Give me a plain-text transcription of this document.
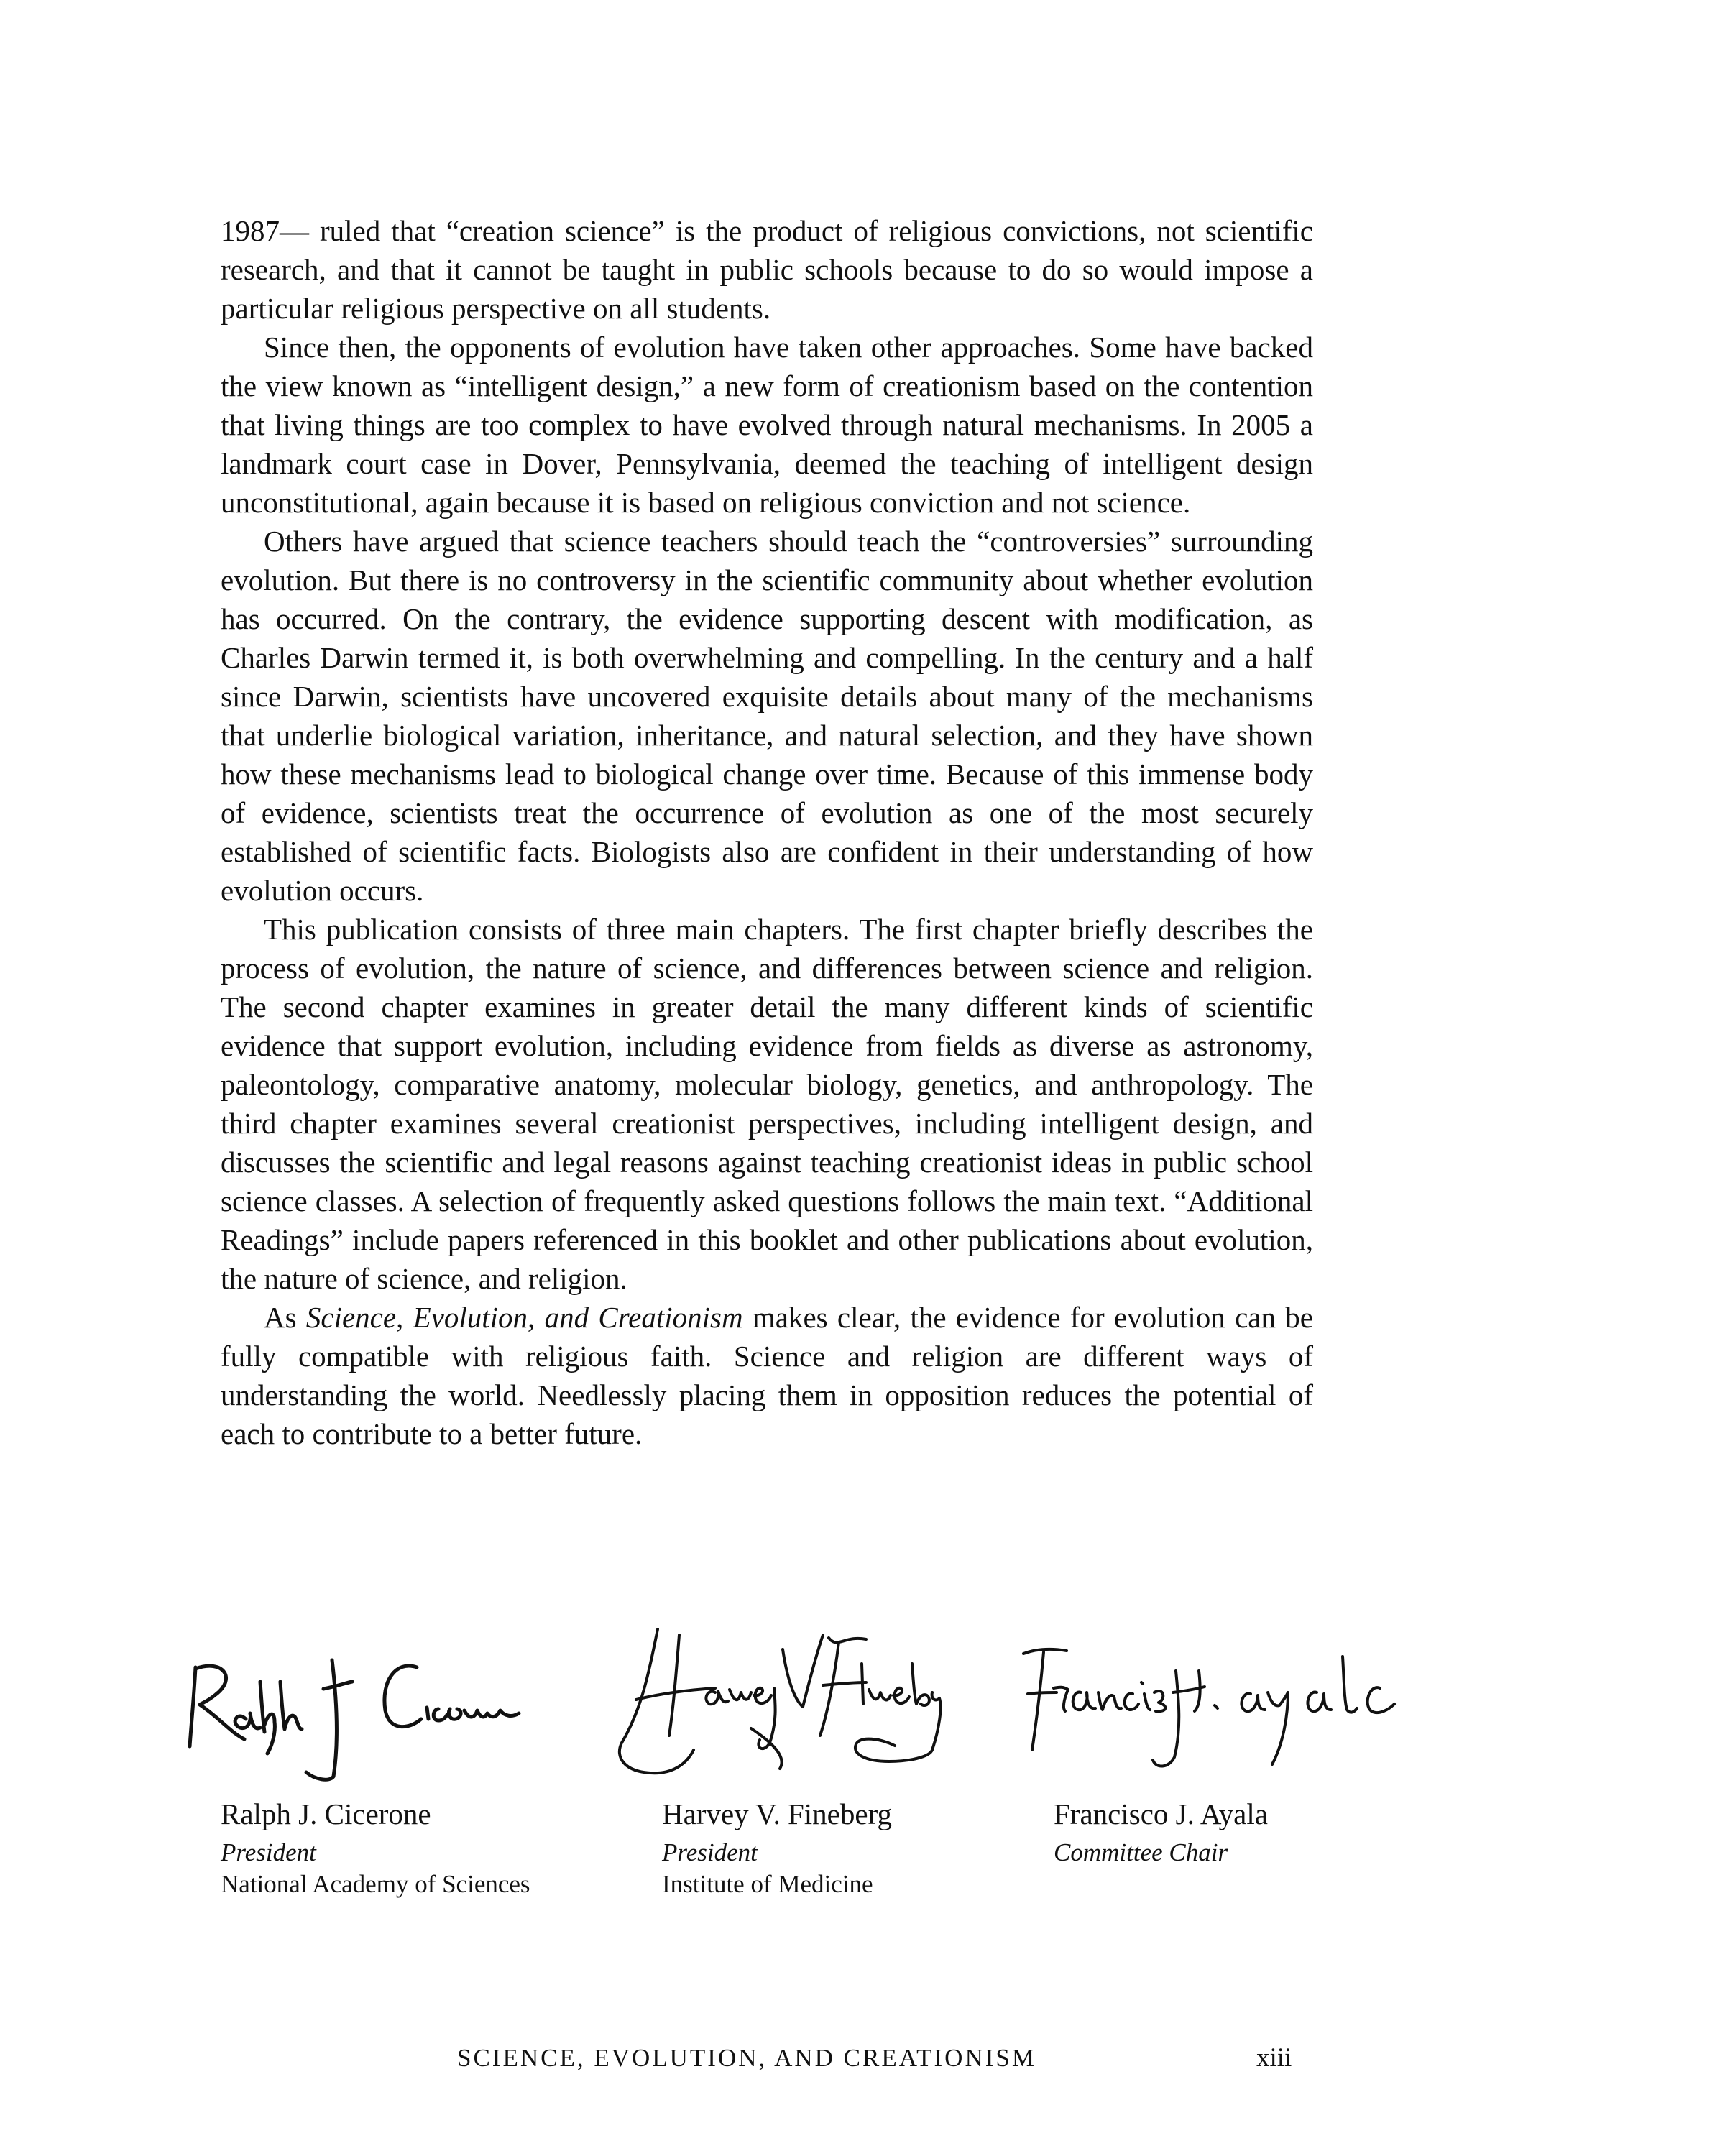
1987— ruled that “creation science” is the product of religious convictions, not scientific research, and that it cannot be taught in public schools because to do so would impose a particular religious perspective on all students.

Since then, the opponents of evolution have taken other approaches. Some have backed the view known as “intelligent design,” a new form of creationism based on the contention that living things are too complex to have evolved through natural mechanisms. In 2005 a landmark court case in Dover, Pennsylvania, deemed the teaching of intelligent design unconstitutional, again because it is based on religious conviction and not science.

Others have argued that science teachers should teach the “controversies” surrounding evolution. But there is no controversy in the scientific community about whether evolution has occurred. On the contrary, the evidence supporting descent with modification, as Charles Darwin termed it, is both overwhelming and compelling. In the century and a half since Darwin, scientists have uncovered exquisite details about many of the mechanisms that underlie biological variation, inheritance, and natural selection, and they have shown how these mechanisms lead to biological change over time. Because of this immense body of evidence, scientists treat the occurrence of evolution as one of the most securely established of scientific facts. Biologists also are confident in their understanding of how evolution occurs.

This publication consists of three main chapters. The first chapter briefly describes the process of evolution, the nature of science, and differences between science and religion. The second chapter examines in greater detail the many different kinds of scientific evidence that support evolution, including evidence from fields as diverse as astronomy, paleontology, comparative anatomy, molecular biology, genetics, and anthropology. The third chapter examines several creationist perspectives, including intelligent design, and discusses the scientific and legal reasons against teaching creationist ideas in public school science classes. A selection of frequently asked questions follows the main text. “Additional Readings” include papers referenced in this booklet and other publications about evolution, the nature of science, and religion.

As Science, Evolution, and Creationism makes clear, the evidence for evolution can be fully compatible with religious faith. Science and religion are different ways of understanding the world. Needlessly placing them in opposition reduces the potential of each to contribute to a better future.

Ralph J. Cicerone
President
National Academy of Sciences
Harvey V. Fineberg
President
Institute of Medicine
Francisco J. Ayala
Committee Chair
SCIENCE, EVOLUTION, AND CREATIONISM	xiii
